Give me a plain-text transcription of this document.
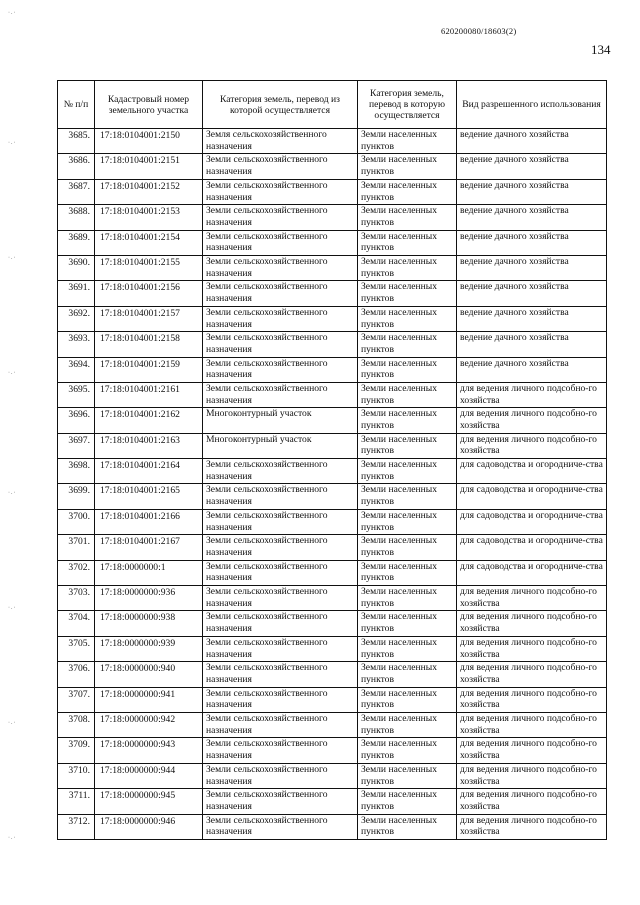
620200080/18603(2)
134
·.·
·.·
·.·
·.·
·.·
·.·
·.·
·.·
№ п/п	Кадастровый номер земельного участка	Категория земель, перевод из которой осуществляется	Категория земель, перевод в которую осуществляется	Вид разрешенного использования
3685.	17:18:0104001:2150	Земля сельскохозяйственного назначения	Земли населенных пунктов	ведение дачного хозяйства
3686.	17:18:0104001:2151	Земли сельскохозяйственного назначения	Земли населенных пунктов	ведение дачного хозяйства
3687.	17:18:0104001:2152	Земли сельскохозяйственного назначения	Земли населенных пунктов	ведение дачного хозяйства
3688.	17:18:0104001:2153	Земли сельскохозяйственного назначения	Земли населенных пунктов	ведение дачного хозяйства
3689.	17:18:0104001:2154	Земли сельскохозяйственного назначения	Земли населенных пунктов	ведение дачного хозяйства
3690.	17:18:0104001:2155	Земли сельскохозяйственного назначения	Земли населенных пунктов	ведение дачного хозяйства
3691.	17:18:0104001:2156	Земли сельскохозяйственного назначения	Земли населенных пунктов	ведение дачного хозяйства
3692.	17:18:0104001:2157	Земли сельскохозяйственного назначения	Земли населенных пунктов	ведение дачного хозяйства
3693.	17:18:0104001:2158	Земли сельскохозяйственного назначения	Земли населенных пунктов	ведение дачного хозяйства
3694.	17:18:0104001:2159	Земли сельскохозяйственного назначения	Земли населенных пунктов	ведение дачного хозяйства
3695.	17:18:0104001:2161	Земли сельскохозяйственного назначения	Земли населенных пунктов	для ведения личного подсобно-го хозяйства
3696.	17:18:0104001:2162	Многоконтурный участок	Земли населенных пунктов	для ведения личного подсобно-го хозяйства
3697.	17:18:0104001:2163	Многоконтурный участок	Земли населенных пунктов	для ведения личного подсобно-го хозяйства
3698.	17:18:0104001:2164	Земли сельскохозяйственного назначения	Земли населенных пунктов	для садоводства и огородниче-ства
3699.	17:18:0104001:2165	Земли сельскохозяйственного назначения	Земли населенных пунктов	для садоводства и огородниче-ства
3700.	17:18:0104001:2166	Земли сельскохозяйственного назначения	Земли населенных пунктов	для садоводства и огородниче-ства
3701.	17:18:0104001:2167	Земли сельскохозяйственного назначения	Земли населенных пунктов	для садоводства и огородниче-ства
3702.	17:18:0000000:1	Земли сельскохозяйственного назначения	Земли населенных пунктов	для садоводства и огородниче-ства
3703.	17:18:0000000:936	Земли сельскохозяйственного назначения	Земли населенных пунктов	для ведения личного подсобно-го хозяйства
3704.	17:18:0000000:938	Земли сельскохозяйственного назначения	Земли населенных пунктов	для ведения личного подсобно-го хозяйства
3705.	17:18:0000000:939	Земли сельскохозяйственного назначения	Земли населенных пунктов	для ведения личного подсобно-го хозяйства
3706.	17:18:0000000:940	Земли сельскохозяйственного назначения	Земли населенных пунктов	для ведения личного подсобно-го хозяйства
3707.	17:18:0000000:941	Земли сельскохозяйственного назначения	Земли населенных пунктов	для ведения личного подсобно-го хозяйства
3708.	17:18:0000000:942	Земли сельскохозяйственного назначения	Земли населенных пунктов	для ведения личного подсобно-го хозяйства
3709.	17:18:0000000:943	Земли сельскохозяйственного назначения	Земли населенных пунктов	для ведения личного подсобно-го хозяйства
3710.	17:18:0000000:944	Земли сельскохозяйственного назначения	Земли населенных пунктов	для ведения личного подсобно-го хозяйства
3711.	17:18:0000000:945	Земли сельскохозяйственного назначения	Земли населенных пунктов	для ведения личного подсобно-го хозяйства
3712.	17:18:0000000:946	Земли сельскохозяйственного назначения	Земли населенных пунктов	для ведения личного подсобно-го хозяйства
